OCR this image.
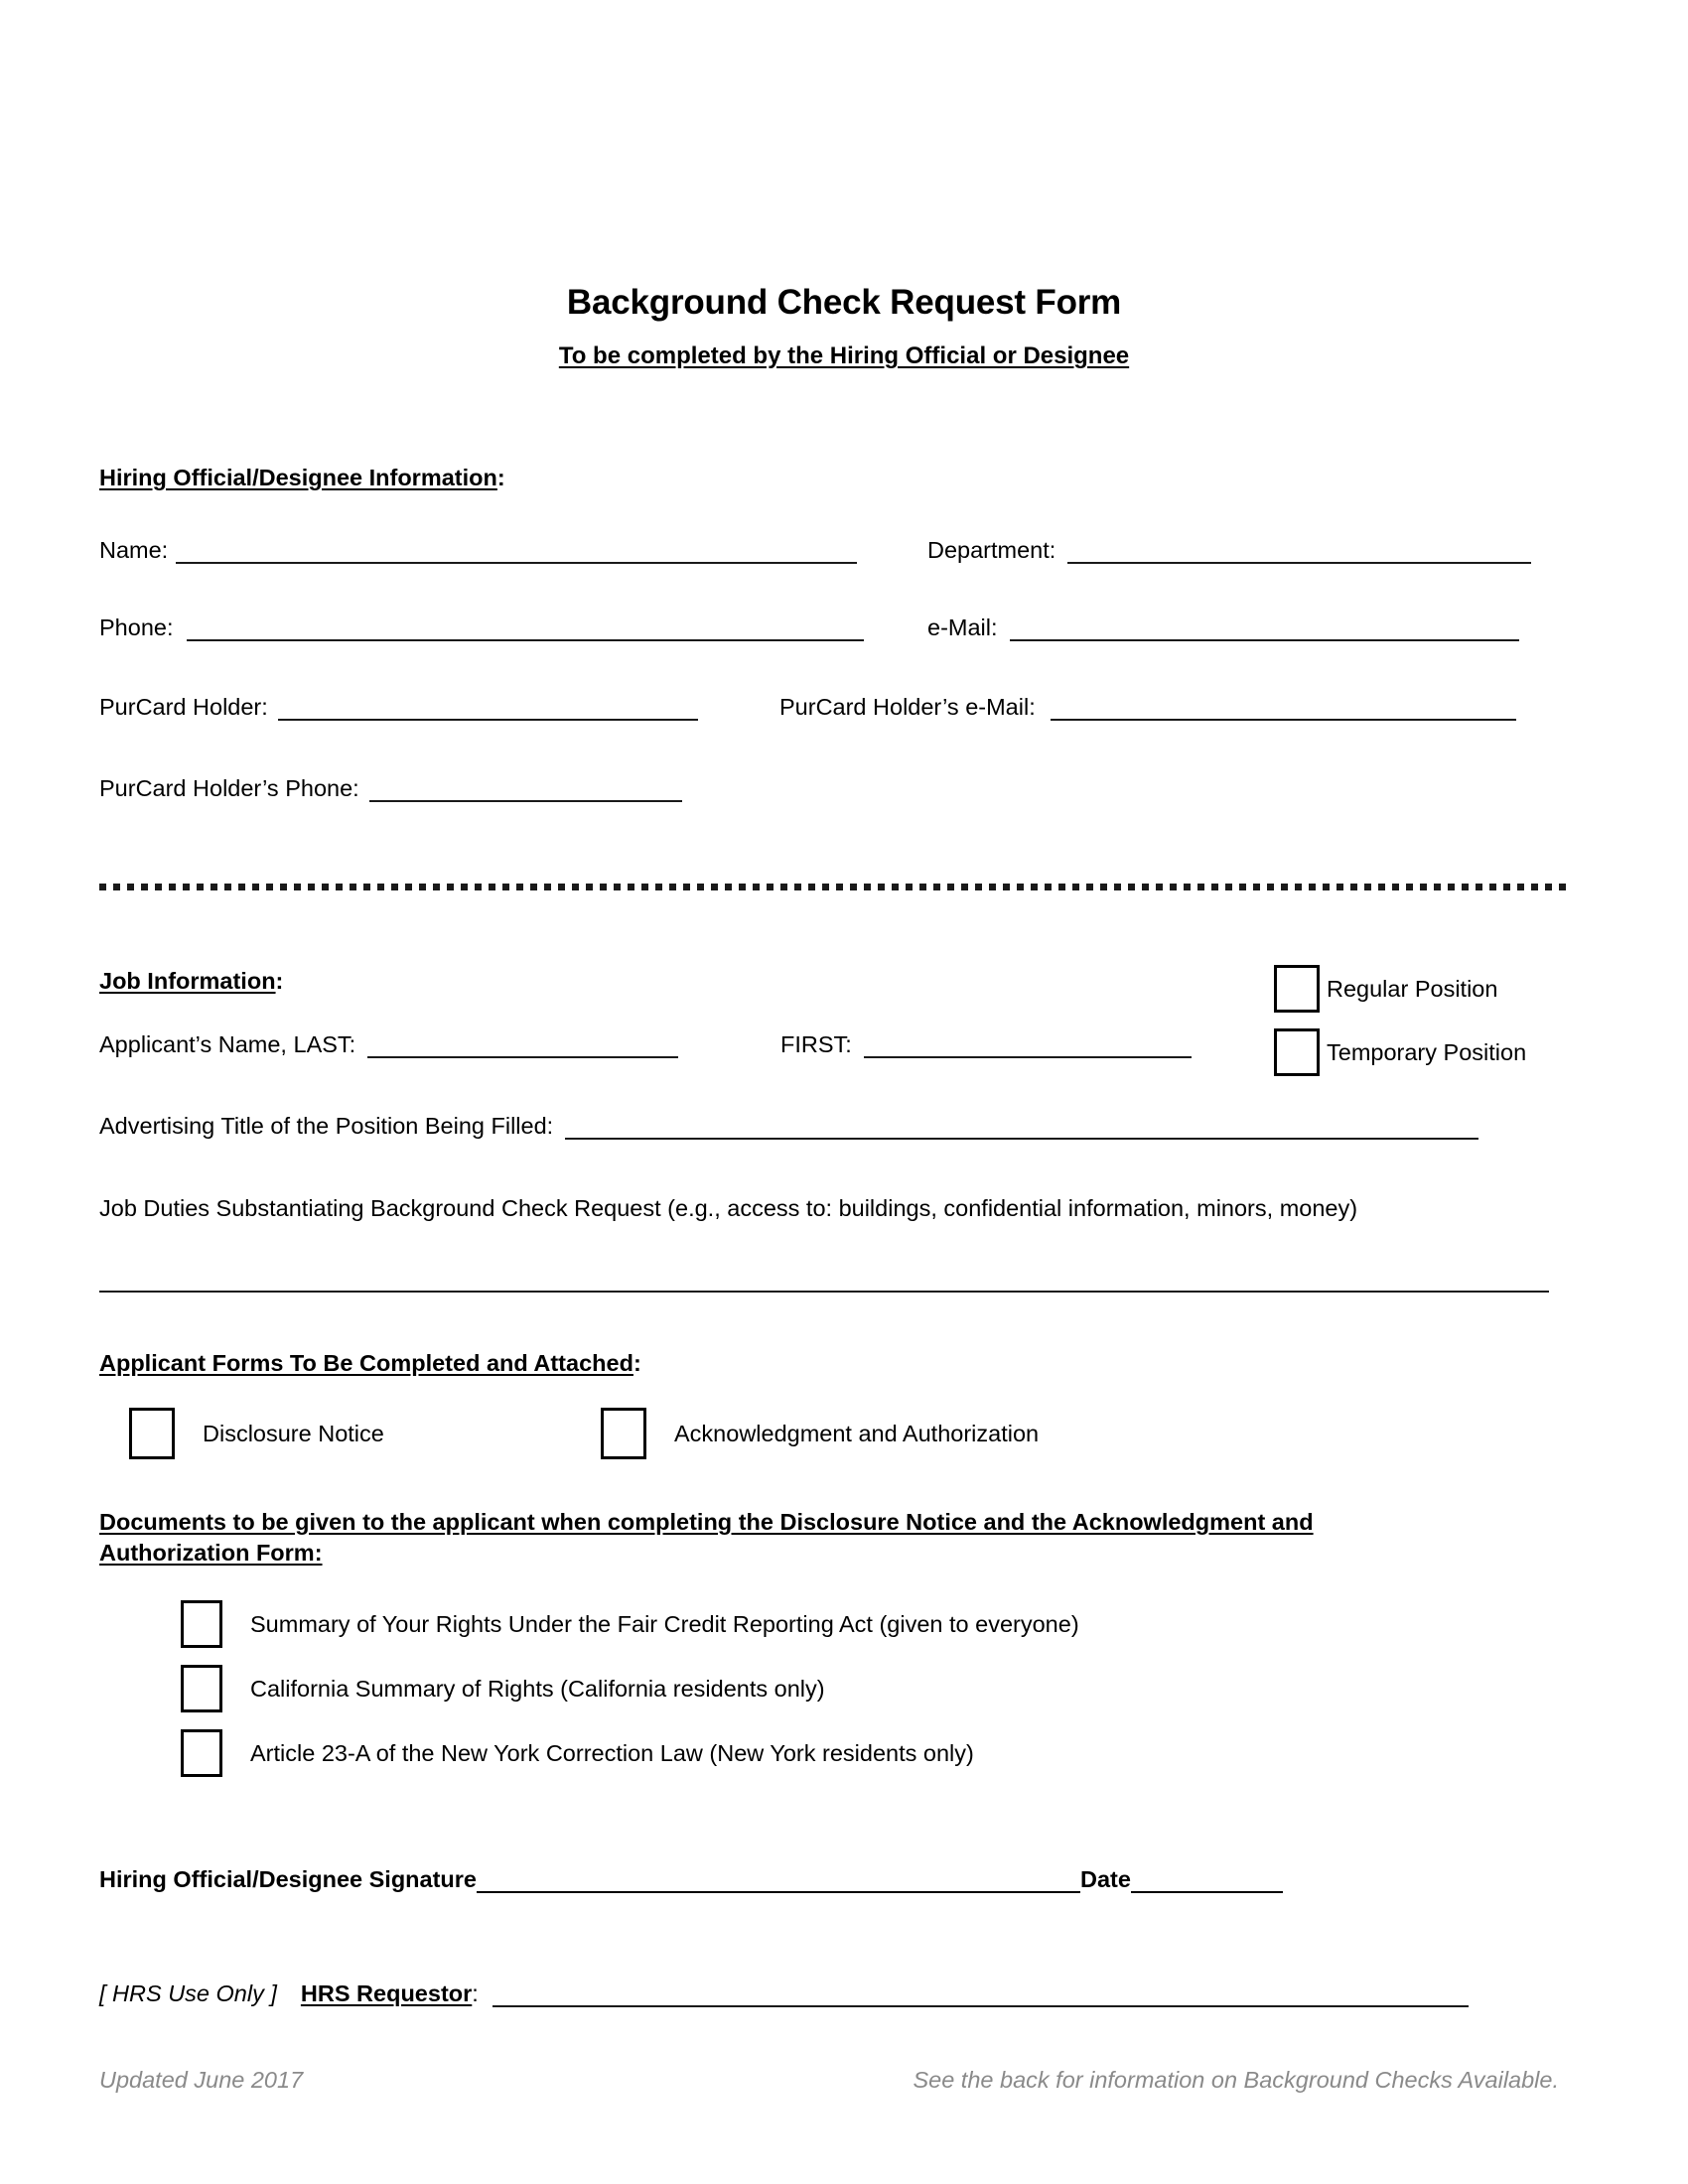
Background Check Request Form
To be completed by the Hiring Official or Designee
Hiring Official/Designee Information:
Name:	Department:
Phone:	e-Mail:
PurCard Holder:	PurCard Holder’s e-Mail:
PurCard Holder’s Phone:
Job Information:	Regular Position
Temporary Position
Applicant’s Name, LAST:	FIRST:
Advertising Title of the Position Being Filled:
Job Duties Substantiating Background Check Request (e.g., access to: buildings, confidential information, minors, money)
Applicant Forms To Be Completed and Attached:
Disclosure Notice	Acknowledgment and Authorization
Documents to be given to the applicant when completing the Disclosure Notice and the Acknowledgment and
Authorization Form:
Summary of Your Rights Under the Fair Credit Reporting Act (given to everyone)
California Summary of Rights (California residents only)
Article 23-A of the New York Correction Law (New York residents only)
Hiring Official/Designee Signature	Date
[ HRS Use Only ] HRS Requestor :
Updated June 2017	See the back for information on Background Checks Available.
